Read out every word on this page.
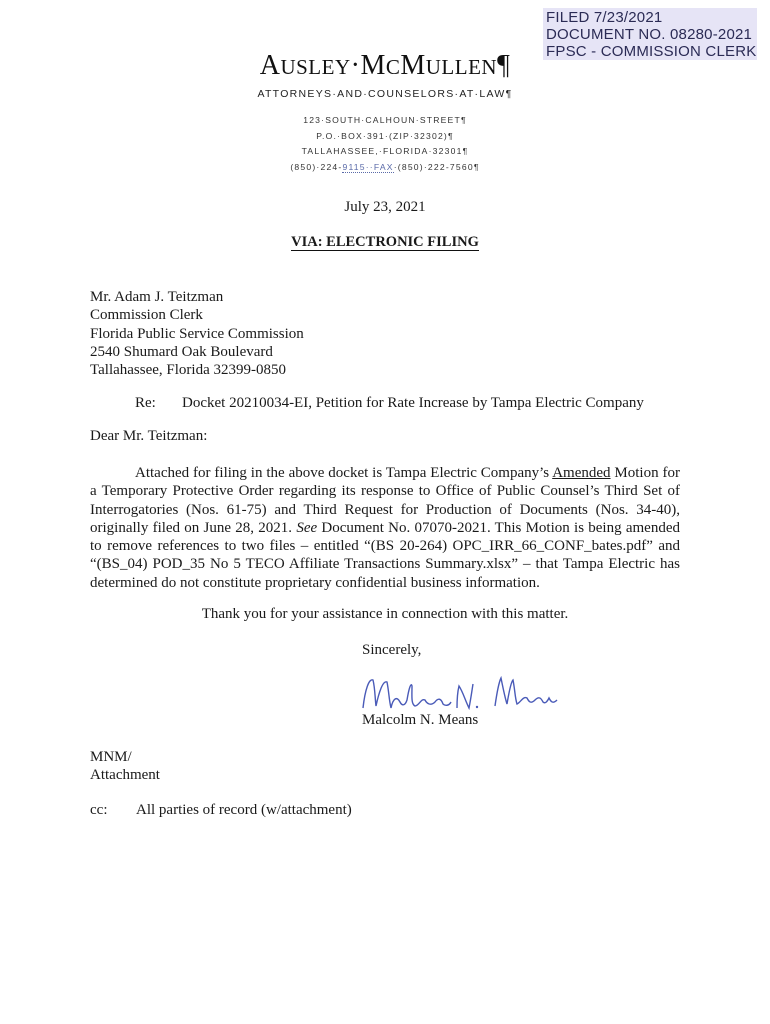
FILED 7/23/2021
DOCUMENT NO. 08280-2021
FPSC - COMMISSION CLERK
AUSLEY·MCMULLEN¶
ATTORNEYS·AND·COUNSELORS·AT·LAW¶
123·SOUTH·CALHOUN·STREET¶
P.O.·BOX·391·(ZIP·32302)¶
TALLAHASSEE,·FLORIDA·32301¶
(850)·224-9115··FAX·(850)·222-7560¶
July 23, 2021
VIA: ELECTRONIC FILING
Mr. Adam J. Teitzman
Commission Clerk
Florida Public Service Commission
2540 Shumard Oak Boulevard
Tallahassee, Florida 32399-0850
Re: Docket 20210034-EI, Petition for Rate Increase by Tampa Electric Company
Dear Mr. Teitzman:
Attached for filing in the above docket is Tampa Electric Company’s Amended Motion for a Temporary Protective Order regarding its response to Office of Public Counsel’s Third Set of Interrogatories (Nos. 61-75) and Third Request for Production of Documents (Nos. 34-40), originally filed on June 28, 2021. See Document No. 07070-2021. This Motion is being amended to remove references to two files – entitled “(BS 20-264) OPC_IRR_66_CONF_bates.pdf” and “(BS_04) POD_35 No 5 TECO Affiliate Transactions Summary.xlsx” – that Tampa Electric has determined do not constitute proprietary confidential business information.
Thank you for your assistance in connection with this matter.
Sincerely,
Malcolm N. Means
MNM/
Attachment
cc: All parties of record (w/attachment)
